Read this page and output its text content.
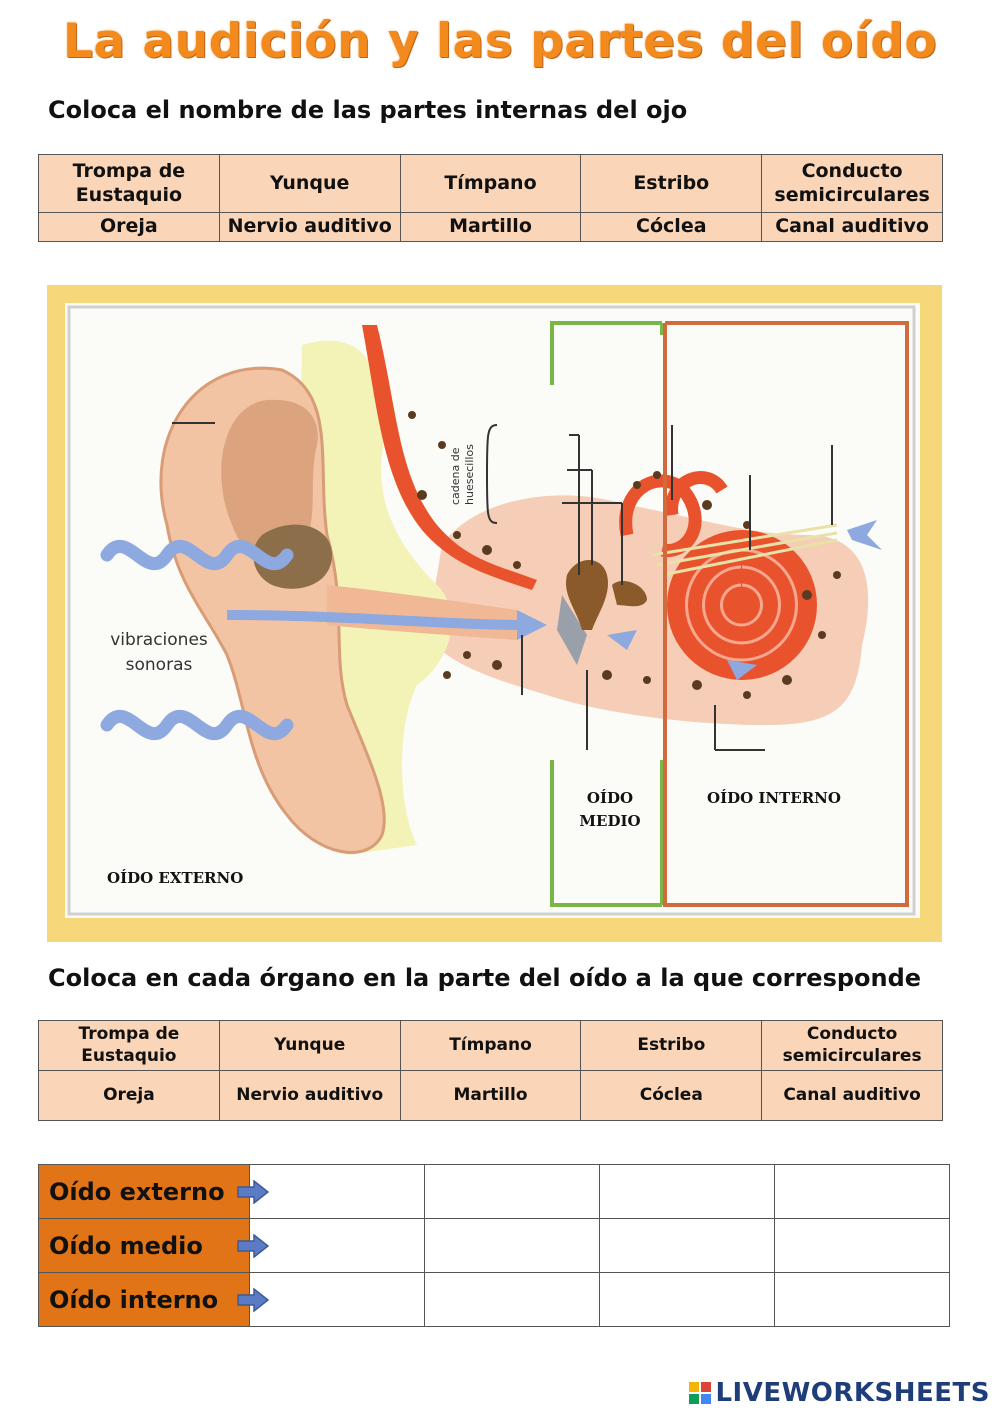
La audición y las partes del oído
Coloca el nombre de las partes internas del ojo
Trompa de Eustaquio	Yunque	Tímpano	Estribo	Conducto semicirculares
Oreja	Nervio auditivo	Martillo	Cóclea	Canal auditivo
vibraciones
sonoras
cadena de huesecillos
OÍDO EXTERNO
OÍDO
MEDIO
OÍDO INTERNO
Coloca en cada órgano en la parte del oído a la que corresponde
Trompa de Eustaquio	Yunque	Tímpano	Estribo	Conducto semicirculares
Oreja	Nervio auditivo	Martillo	Cóclea	Canal auditivo
Oído externo

Oído medio

Oído interno

LIVEWORKSHEETS
